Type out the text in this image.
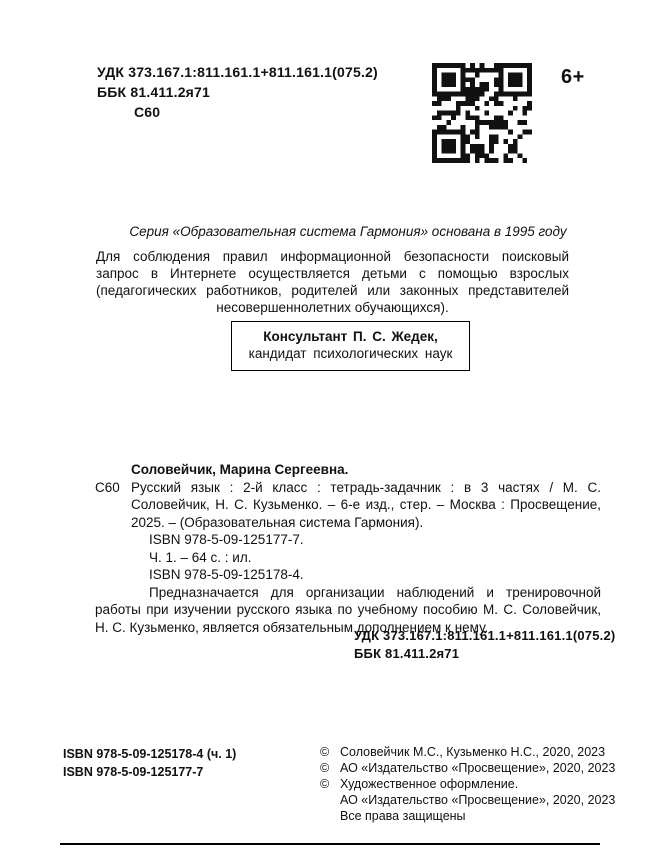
УДК 373.167.1:811.161.1+811.161.1(075.2)
ББК 81.411.2я71
С60
6+
Серия «Образовательная система Гармония» основана в 1995 году
Для соблюдения правил информационной безопасности поисковый запрос в Интернете осуществляется детьми с помощью взрослых (педагогических работников, родителей или законных представителей несовершеннолетних обучающихся).
Консультант П. С. Жедек,
кандидат психологических наук
Соловейчик, Марина Сергеевна.
С60 Русский язык : 2-й класс : тетрадь-задачник : в 3 частях / М. С. Соловейчик, Н. С. Кузьменко. – 6-е изд., стер. – Москва : Просвещение, 2025. – (Образовательная система Гармония).
ISBN 978-5-09-125177-7.
Ч. 1. – 64 с. : ил.
ISBN 978-5-09-125178-4.
Предназначается для организации наблюдений и тренировочной работы при изучении русского языка по учебному пособию М. С. Соловейчик, Н. С. Кузьменко, является обязательным дополнением к нему.
УДК 373.167.1:811.161.1+811.161.1(075.2)
ББК 81.411.2я71
ISBN 978-5-09-125178-4 (ч. 1)
ISBN 978-5-09-125177-7
© Соловейчик М.С., Кузьменко Н.С., 2020, 2023
© АО «Издательство «Просвещение», 2020, 2023
© Художественное оформление.
АО «Издательство «Просвещение», 2020, 2023
Все права защищены
